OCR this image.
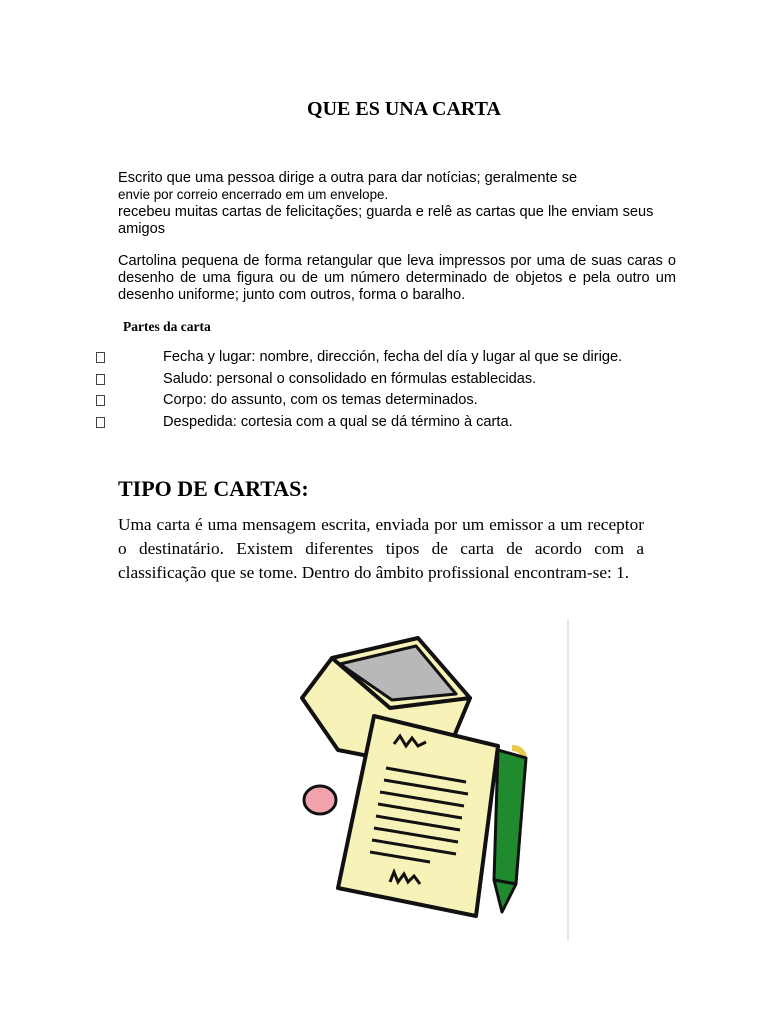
QUE ES UNA CARTA
Escrito que uma pessoa dirige a outra para dar notícias; geralmente se
envie por correio encerrado em um envelope.
recebeu muitas cartas de felicitações; guarda e relê as cartas que lhe enviam seus amigos
Cartolina pequena de forma retangular que leva impressos por uma de suas caras o desenho de uma figura ou de um número determinado de objetos e pela outro um desenho uniforme; junto com outros, forma o baralho.
Partes da carta
Fecha y lugar: nombre, dirección, fecha del día y lugar al que se dirige.
Saludo: personal o consolidado en fórmulas establecidas.
Corpo: do assunto, com os temas determinados.
Despedida: cortesia com a qual se dá término à carta.
TIPO DE CARTAS:
Uma carta é uma mensagem escrita, enviada por um emissor a um receptor o destinatário. Existem diferentes tipos de carta de acordo com a classificação que se tome. Dentro do âmbito profissional encontram-se: 1.
